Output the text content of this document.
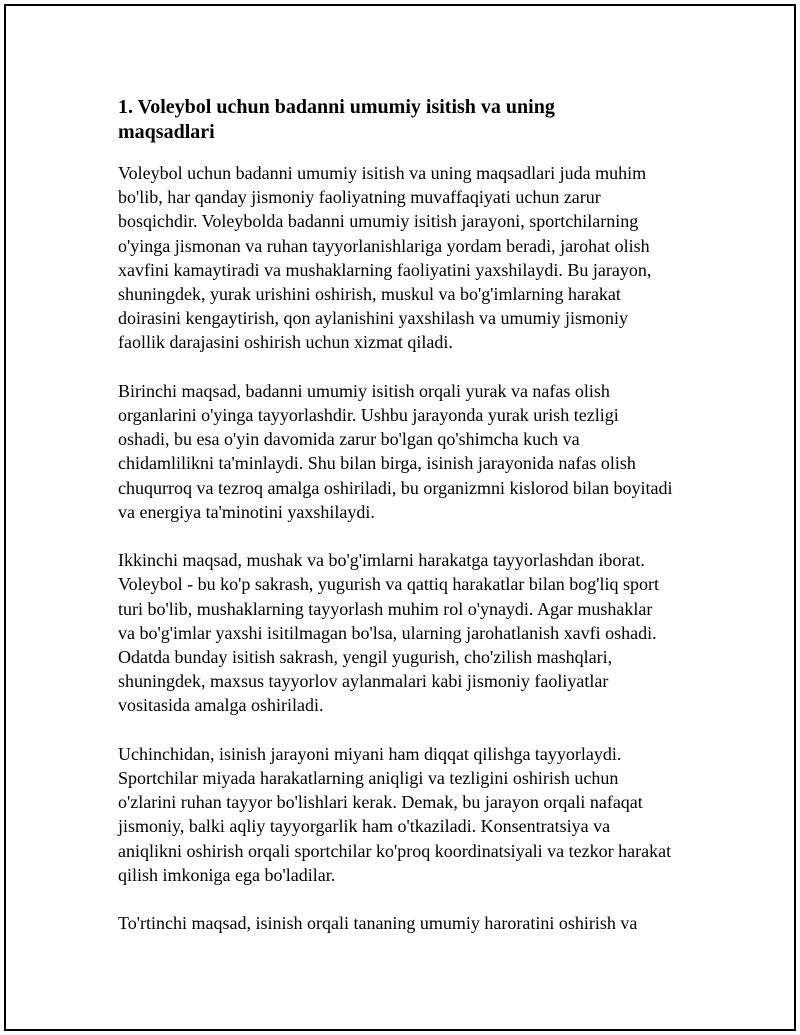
1. Voleybol uchun badanni umumiy isitish va uning
maqsadlari

Voleybol uchun badanni umumiy isitish va uning maqsadlari juda muhim
bo'lib, har qanday jismoniy faoliyatning muvaffaqiyati uchun zarur
bosqichdir. Voleybolda badanni umumiy isitish jarayoni, sportchilarning
o'yinga jismonan va ruhan tayyorlanishlariga yordam beradi, jarohat olish
xavfini kamaytiradi va mushaklarning faoliyatini yaxshilaydi. Bu jarayon,
shuningdek, yurak urishini oshirish, muskul va bo'g'imlarning harakat
doirasini kengaytirish, qon aylanishini yaxshilash va umumiy jismoniy
faollik darajasini oshirish uchun xizmat qiladi.

Birinchi maqsad, badanni umumiy isitish orqali yurak va nafas olish
organlarini o'yinga tayyorlashdir. Ushbu jarayonda yurak urish tezligi
oshadi, bu esa o'yin davomida zarur bo'lgan qo'shimcha kuch va
chidamlilikni ta'minlaydi. Shu bilan birga, isinish jarayonida nafas olish
chuqurroq va tezroq amalga oshiriladi, bu organizmni kislorod bilan boyitadi
va energiya ta'minotini yaxshilaydi.

Ikkinchi maqsad, mushak va bo'g'imlarni harakatga tayyorlashdan iborat.
Voleybol - bu ko'p sakrash, yugurish va qattiq harakatlar bilan bog'liq sport
turi bo'lib, mushaklarning tayyorlash muhim rol o'ynaydi. Agar mushaklar
va bo'g'imlar yaxshi isitilmagan bo'lsa, ularning jarohatlanish xavfi oshadi.
Odatda bunday isitish sakrash, yengil yugurish, cho'zilish mashqlari,
shuningdek, maxsus tayyorlov aylanmalari kabi jismoniy faoliyatlar
vositasida amalga oshiriladi.

Uchinchidan, isinish jarayoni miyani ham diqqat qilishga tayyorlaydi.
Sportchilar miyada harakatlarning aniqligi va tezligini oshirish uchun
o'zlarini ruhan tayyor bo'lishlari kerak. Demak, bu jarayon orqali nafaqat
jismoniy, balki aqliy tayyorgarlik ham o'tkaziladi. Konsentratsiya va
aniqlikni oshirish orqali sportchilar ko'proq koordinatsiyali va tezkor harakat
qilish imkoniga ega bo'ladilar.

To'rtinchi maqsad, isinish orqali tananing umumiy haroratini oshirish va
